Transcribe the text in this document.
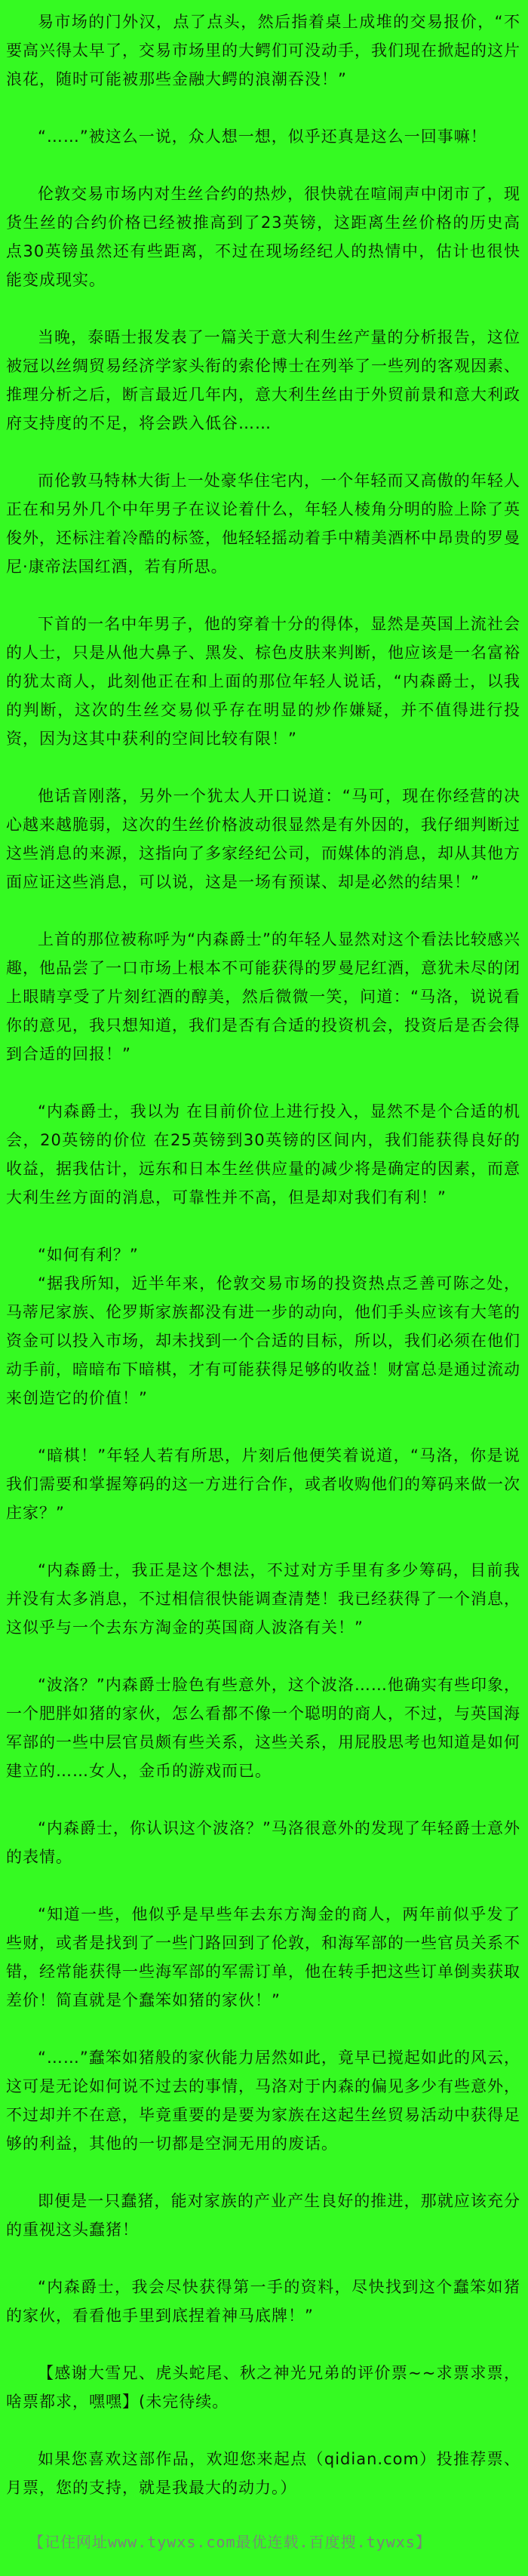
易市场的门外汉，点了点头，然后指着桌上成堆的交易报价，“不要高兴得太早了，交易市场里的大鳄们可没动手，我们现在掀起的这片浪花，随时可能被那些金融大鳄的浪潮吞没！”

“……”被这么一说，众人想一想，似乎还真是这么一回事嘛！

伦敦交易市场内对生丝合约的热炒，很快就在喧闹声中闭市了，现货生丝的合约价格已经被推高到了23英镑，这距离生丝价格的历史高点30英镑虽然还有些距离，不过在现场经纪人的热情中，估计也很快能变成现实。

当晚，泰晤士报发表了一篇关于意大利生丝产量的分析报告，这位被冠以丝绸贸易经济学家头衔的索伦博士在列举了一些列的客观因素、推理分析之后，断言最近几年内，意大利生丝由于外贸前景和意大利政府支持度的不足，将会跌入低谷……

而伦敦马特林大街上一处豪华住宅内，一个年轻而又高傲的年轻人正在和另外几个中年男子在议论着什么，年轻人棱角分明的脸上除了英俊外，还标注着冷酷的标签，他轻轻摇动着手中精美酒杯中昂贵的罗曼尼·康帝法国红酒，若有所思。

下首的一名中年男子，他的穿着十分的得体，显然是英国上流社会的人士，只是从他大鼻子、黑发、棕色皮肤来判断，他应该是一名富裕的犹太商人，此刻他正在和上面的那位年轻人说话，“内森爵士，以我的判断，这次的生丝交易似乎存在明显的炒作嫌疑，并不值得进行投资，因为这其中获利的空间比较有限！”

他话音刚落，另外一个犹太人开口说道：“马可，现在你经营的决心越来越脆弱，这次的生丝价格波动很显然是有外因的，我仔细判断过这些消息的来源，这指向了多家经纪公司，而媒体的消息，却从其他方面应证这些消息，可以说，这是一场有预谋、却是必然的结果！”

上首的那位被称呼为“内森爵士”的年轻人显然对这个看法比较感兴趣，他品尝了一口市场上根本不可能获得的罗曼尼红酒，意犹未尽的闭上眼睛享受了片刻红酒的醇美，然后微微一笑，问道：“马洛，说说看你的意见，我只想知道，我们是否有合适的投资机会，投资后是否会得到合适的回报！”

“内森爵士，我以为 在目前价位上进行投入，显然不是个合适的机会，20英镑的价位 在25英镑到30英镑的区间内，我们能获得良好的收益，据我估计，远东和日本生丝供应量的减少将是确定的因素，而意大利生丝方面的消息，可靠性并不高，但是却对我们有利！”

“如何有利？”

“据我所知，近半年来，伦敦交易市场的投资热点乏善可陈之处，马蒂尼家族、伦罗斯家族都没有进一步的动向，他们手头应该有大笔的资金可以投入市场，却未找到一个合适的目标，所以，我们必须在他们动手前，暗暗布下暗棋，才有可能获得足够的收益！财富总是通过流动来创造它的价值！”

“暗棋！”年轻人若有所思，片刻后他便笑着说道，“马洛，你是说我们需要和掌握筹码的这一方进行合作，或者收购他们的筹码来做一次庄家？”

“内森爵士，我正是这个想法，不过对方手里有多少筹码，目前我并没有太多消息，不过相信很快能调查清楚！我已经获得了一个消息，这似乎与一个去东方淘金的英国商人波洛有关！”

“波洛？”内森爵士脸色有些意外，这个波洛……他确实有些印象，一个肥胖如猪的家伙，怎么看都不像一个聪明的商人，不过，与英国海军部的一些中层官员颇有些关系，这些关系，用屁股思考也知道是如何建立的……女人，金币的游戏而已。

“内森爵士，你认识这个波洛？”马洛很意外的发现了年轻爵士意外的表情。

“知道一些，他似乎是早些年去东方淘金的商人，两年前似乎发了些财，或者是找到了一些门路回到了伦敦，和海军部的一些官员关系不错，经常能获得一些海军部的军需订单，他在转手把这些订单倒卖获取差价！简直就是个蠢笨如猪的家伙！”

“……”蠢笨如猪般的家伙能力居然如此，竟早已搅起如此的风云，这可是无论如何说不过去的事情，马洛对于内森的偏见多少有些意外，不过却并不在意，毕竟重要的是要为家族在这起生丝贸易活动中获得足够的利益，其他的一切都是空洞无用的废话。

即便是一只蠢猪，能对家族的产业产生良好的推进，那就应该充分的重视这头蠢猪！

“内森爵士，我会尽快获得第一手的资料，尽快找到这个蠢笨如猪的家伙，看看他手里到底捏着神马底牌！”

【感谢大雪兄、虎头蛇尾、秋之神光兄弟的评价票~~求票求票，啥票都求，嘿嘿】(未完待续。

如果您喜欢这部作品，欢迎您来起点（qidian.com）投推荐票、月票，您的支持，就是我最大的动力。）

【记住网址www.tywxs.com最优连载.百度搜.tywxs】
